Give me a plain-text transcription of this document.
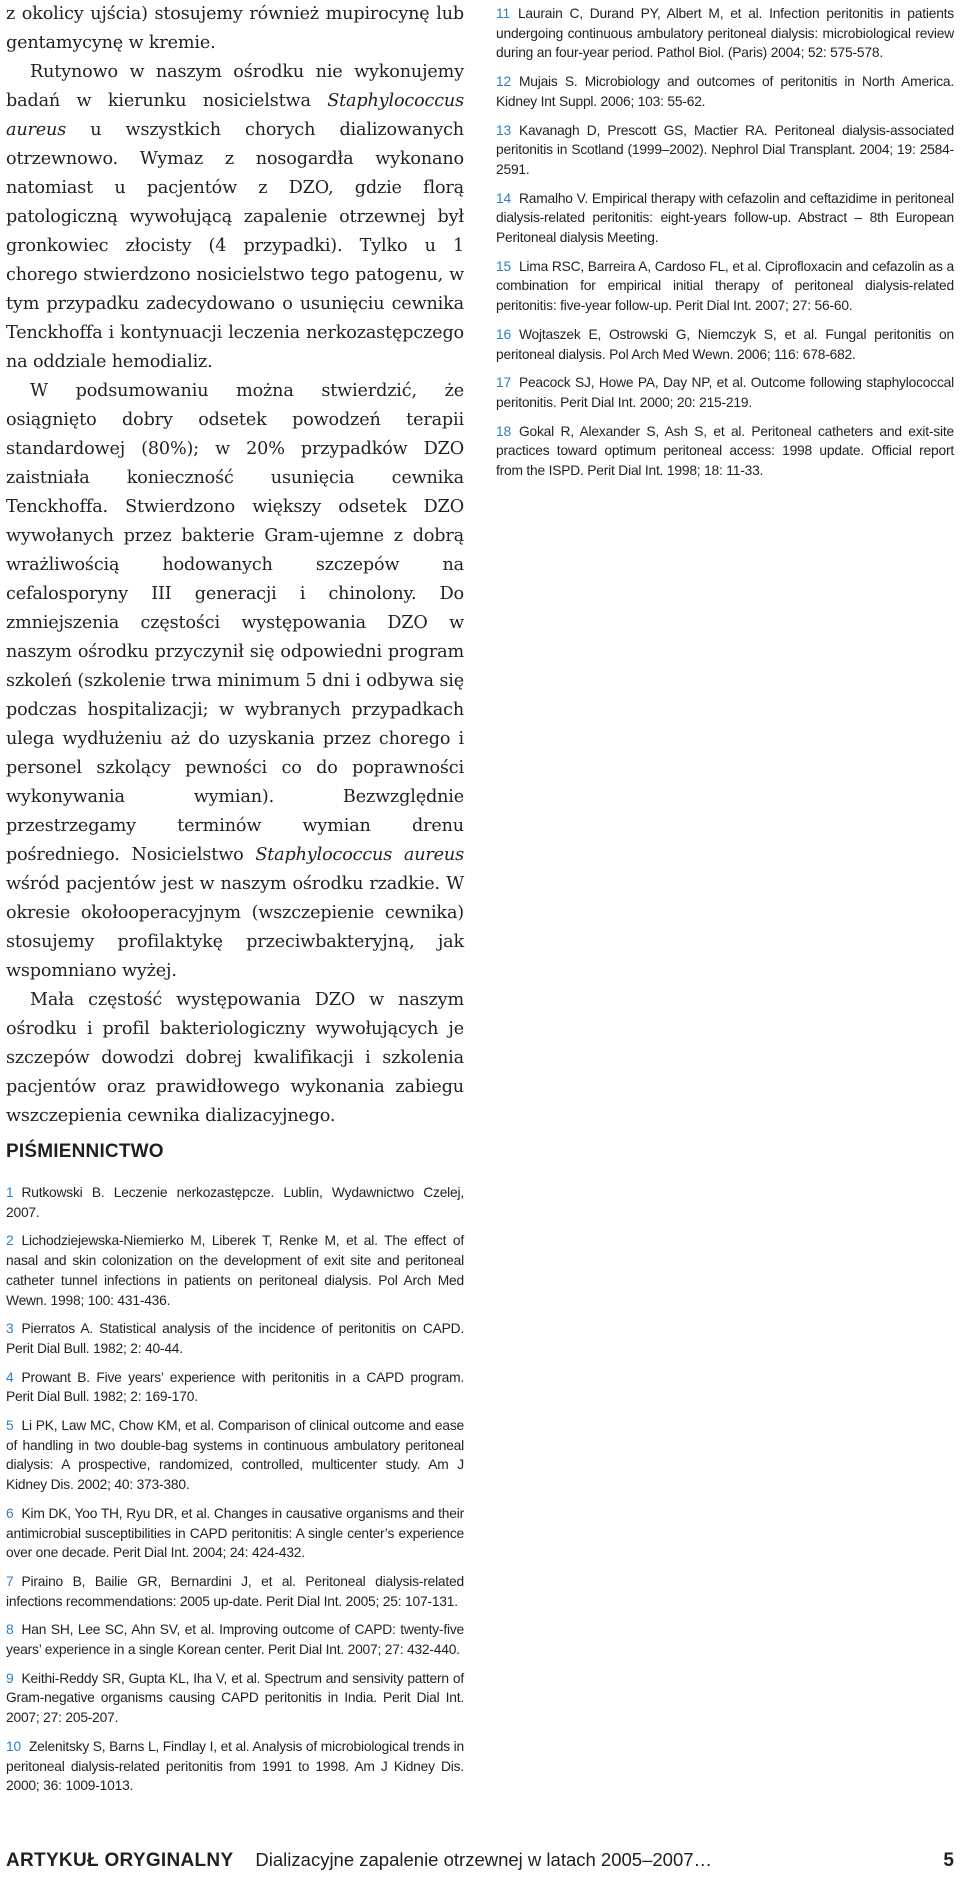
z okolicy ujścia) stosujemy również mupirocynę lub gentamycynę w kremie.

Rutynowo w naszym ośrodku nie wykonujemy badań w kierunku nosicielstwa Staphylococcus aureus u wszystkich chorych dializowanych otrzewnowo. Wymaz z nosogardła wykonano natomiast u pacjentów z DZO, gdzie florą patologiczną wywołującą zapalenie otrzewnej był gronkowiec złocisty (4 przypadki). Tylko u 1 chorego stwierdzono nosicielstwo tego patogenu, w tym przypadku zadecydowano o usunięciu cewnika Tenckhoffa i kontynuacji leczenia nerkozastępczego na oddziale hemodializ.

W podsumowaniu można stwierdzić, że osiągnięto dobry odsetek powodzeń terapii standardowej (80%); w 20% przypadków DZO zaistniała konieczność usunięcia cewnika Tenckhoffa. Stwierdzono większy odsetek DZO wywołanych przez bakterie Gram-ujemne z dobrą wrażliwością hodowanych szczepów na cefalosporyny III generacji i chinolony. Do zmniejszenia częstości występowania DZO w naszym ośrodku przyczynił się odpowiedni program szkoleń (szkolenie trwa minimum 5 dni i odbywa się podczas hospitalizacji; w wybranych przypadkach ulega wydłużeniu aż do uzyskania przez chorego i personel szkolący pewności co do poprawności wykonywania wymian). Bezwzględnie przestrzegamy terminów wymian drenu pośredniego. Nosicielstwo Staphylococcus aureus wśród pacjentów jest w naszym ośrodku rzadkie. W okresie okołooperacyjnym (wszczepienie cewnika) stosujemy profilaktykę przeciwbakteryjną, jak wspomniano wyżej.

Mała częstość występowania DZO w naszym ośrodku i profil bakteriologiczny wywołujących je szczepów dowodzi dobrej kwalifikacji i szkolenia pacjentów oraz prawidłowego wykonania zabiegu wszczepienia cewnika dializacyjnego.

PIŚMIENNICTWO
1 Rutkowski B. Leczenie nerkozastępcze. Lublin, Wydawnictwo Czelej, 2007.
2 Lichodziejewska-Niemierko M, Liberek T, Renke M, et al. The effect of nasal and skin colonization on the development of exit site and peritoneal catheter tunnel infections in patients on peritoneal dialysis. Pol Arch Med Wewn. 1998; 100: 431-436.
3 Pierratos A. Statistical analysis of the incidence of peritonitis on CAPD. Perit Dial Bull. 1982; 2: 40-44.
4 Prowant B. Five years’ experience with peritonitis in a CAPD program. Perit Dial Bull. 1982; 2: 169-170.
5 Li PK, Law MC, Chow KM, et al. Comparison of clinical outcome and ease of handling in two double-bag systems in continuous ambulatory peritoneal dialysis: A prospective, randomized, controlled, multicenter study. Am J Kidney Dis. 2002; 40: 373-380.
6 Kim DK, Yoo TH, Ryu DR, et al. Changes in causative organisms and their antimicrobial susceptibilities in CAPD peritonitis: A single center’s experience over one decade. Perit Dial Int. 2004; 24: 424-432.
7 Piraino B, Bailie GR, Bernardini J, et al. Peritoneal dialysis-related infections recommendations: 2005 up-date. Perit Dial Int. 2005; 25: 107-131.
8 Han SH, Lee SC, Ahn SV, et al. Improving outcome of CAPD: twenty-five years’ experience in a single Korean center. Perit Dial Int. 2007; 27: 432-440.
9 Keithi-Reddy SR, Gupta KL, Iha V, et al. Spectrum and sensivity pattern of Gram-negative organisms causing CAPD peritonitis in India. Perit Dial Int. 2007; 27: 205-207.
10 Zelenitsky S, Barns L, Findlay I, et al. Analysis of microbiological trends in peritoneal dialysis-related peritonitis from 1991 to 1998. Am J Kidney Dis. 2000; 36: 1009-1013.
11 Laurain C, Durand PY, Albert M, et al. Infection peritonitis in patients undergoing continuous ambulatory peritoneal dialysis: microbiological review during an four-year period. Pathol Biol. (Paris) 2004; 52: 575-578.
12 Mujais S. Microbiology and outcomes of peritonitis in North America. Kidney Int Suppl. 2006; 103: 55-62.
13 Kavanagh D, Prescott GS, Mactier RA. Peritoneal dialysis-associated peritonitis in Scotland (1999–2002). Nephrol Dial Transplant. 2004; 19: 2584-2591.
14 Ramalho V. Empirical therapy with cefazolin and ceftazidime in peritoneal dialysis-related peritonitis: eight-years follow-up. Abstract – 8th European Peritoneal dialysis Meeting.
15 Lima RSC, Barreira A, Cardoso FL, et al. Ciprofloxacin and cefazolin as a combination for empirical initial therapy of peritoneal dialysis-related peritonitis: five-year follow-up. Perit Dial Int. 2007; 27: 56-60.
16 Wojtaszek E, Ostrowski G, Niemczyk S, et al. Fungal peritonitis on peritoneal dialysis. Pol Arch Med Wewn. 2006; 116: 678-682.
17 Peacock SJ, Howe PA, Day NP, et al. Outcome following staphylococcal peritonitis. Perit Dial Int. 2000; 20: 215-219.
18 Gokal R, Alexander S, Ash S, et al. Peritoneal catheters and exit-site practices toward optimum peritoneal access: 1998 update. Official report from the ISPD. Perit Dial Int. 1998; 18: 11-33.
ARTYKUŁ ORYGINALNY Dializacyjne zapalenie otrzewnej w latach 2005–2007…	5
